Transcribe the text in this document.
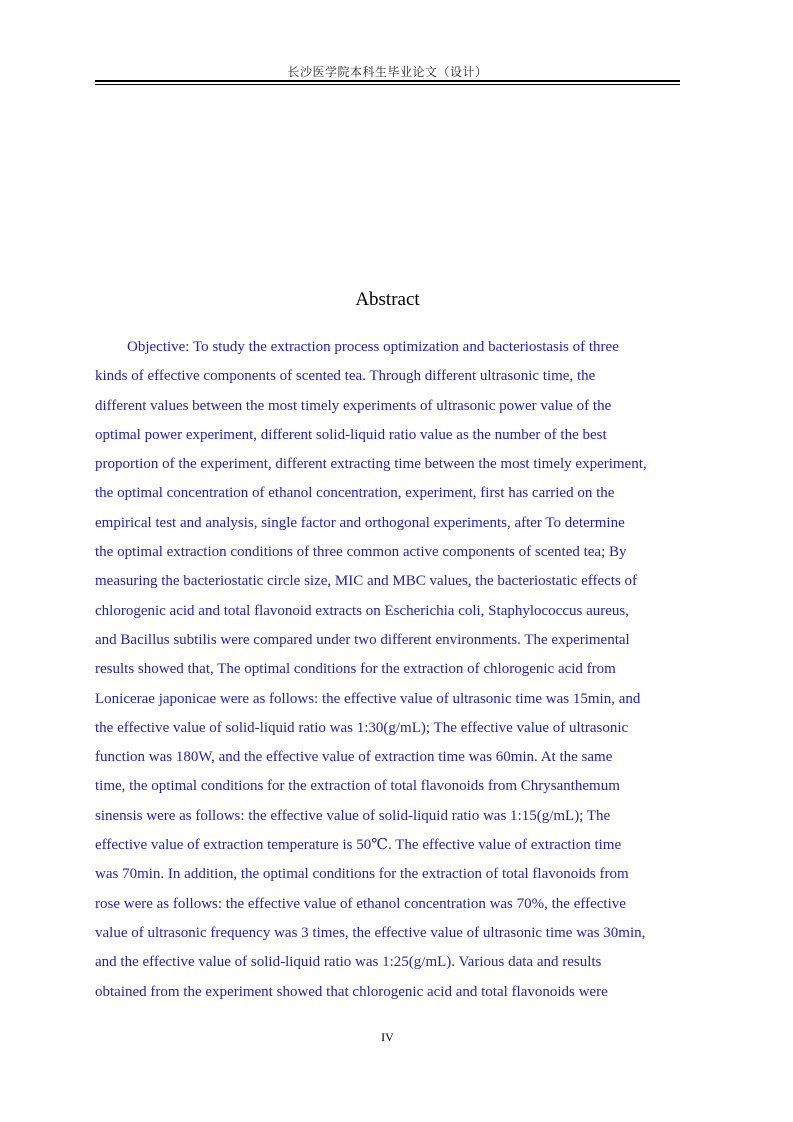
长沙医学院本科生毕业论文（设计）
Abstract
Objective: To study the extraction process optimization and bacteriostasis of three
kinds of effective components of scented tea. Through different ultrasonic time, the
different values between the most timely experiments of ultrasonic power value of the
optimal power experiment, different solid-liquid ratio value as the number of the best
proportion of the experiment, different extracting time between the most timely experiment,
the optimal concentration of ethanol concentration, experiment, first has carried on the
empirical test and analysis, single factor and orthogonal experiments, after To determine
the optimal extraction conditions of three common active components of scented tea; By
measuring the bacteriostatic circle size, MIC and MBC values, the bacteriostatic effects of
chlorogenic acid and total flavonoid extracts on Escherichia coli, Staphylococcus aureus,
and Bacillus subtilis were compared under two different environments. The experimental
results showed that, The optimal conditions for the extraction of chlorogenic acid from
Lonicerae japonicae were as follows: the effective value of ultrasonic time was 15min, and
the effective value of solid-liquid ratio was 1:30(g/mL); The effective value of ultrasonic
function was 180W, and the effective value of extraction time was 60min. At the same
time, the optimal conditions for the extraction of total flavonoids from Chrysanthemum
sinensis were as follows: the effective value of solid-liquid ratio was 1:15(g/mL); The
effective value of extraction temperature is 50℃. The effective value of extraction time
was 70min. In addition, the optimal conditions for the extraction of total flavonoids from
rose were as follows: the effective value of ethanol concentration was 70%, the effective
value of ultrasonic frequency was 3 times, the effective value of ultrasonic time was 30min,
and the effective value of solid-liquid ratio was 1:25(g/mL). Various data and results
obtained from the experiment showed that chlorogenic acid and total flavonoids were
IV
